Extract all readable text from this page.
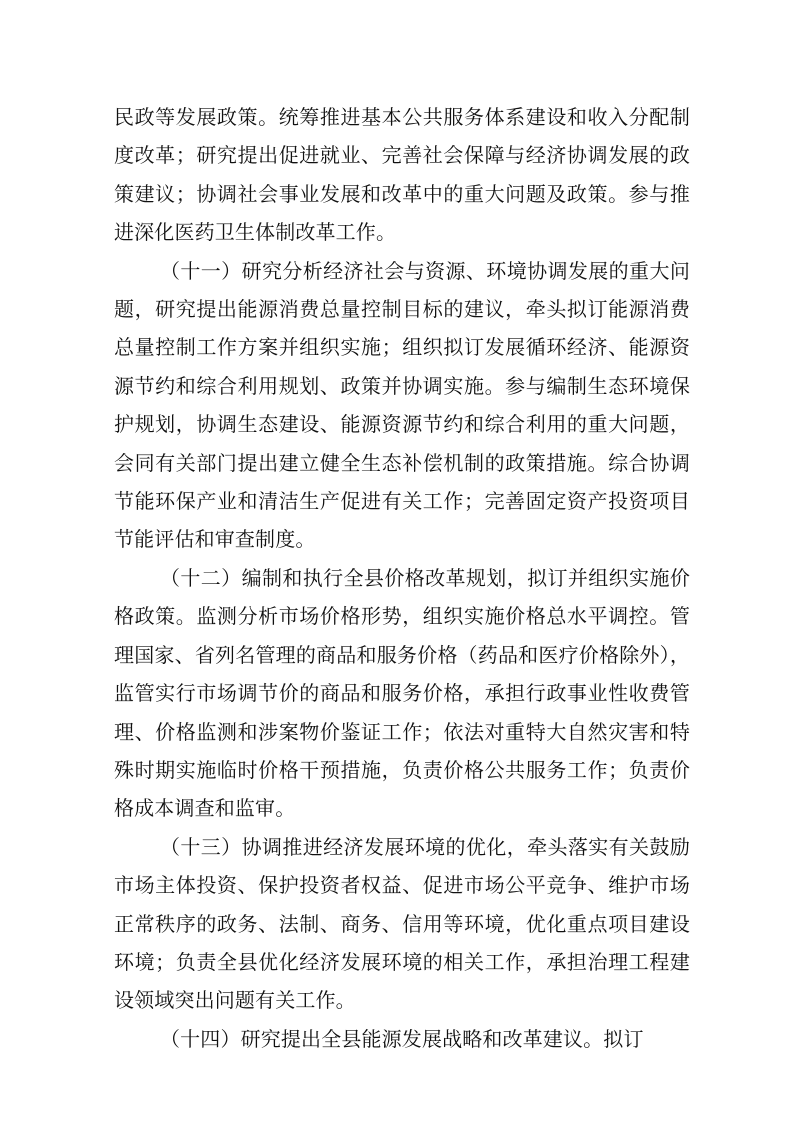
民政等发展政策。统筹推进基本公共服务体系建设和收入分配制度改革；研究提出促进就业、完善社会保障与经济协调发展的政策建议；协调社会事业发展和改革中的重大问题及政策。参与推进深化医药卫生体制改革工作。

（十一）研究分析经济社会与资源、环境协调发展的重大问题，研究提出能源消费总量控制目标的建议，牵头拟订能源消费总量控制工作方案并组织实施；组织拟订发展循环经济、能源资源节约和综合利用规划、政策并协调实施。参与编制生态环境保护规划，协调生态建设、能源资源节约和综合利用的重大问题，会同有关部门提出建立健全生态补偿机制的政策措施。综合协调节能环保产业和清洁生产促进有关工作；完善固定资产投资项目节能评估和审查制度。

（十二）编制和执行全县价格改革规划，拟订并组织实施价格政策。监测分析市场价格形势，组织实施价格总水平调控。管理国家、省列名管理的商品和服务价格（药品和医疗价格除外），监管实行市场调节价的商品和服务价格，承担行政事业性收费管理、价格监测和涉案物价鉴证工作；依法对重特大自然灾害和特殊时期实施临时价格干预措施，负责价格公共服务工作；负责价格成本调查和监审。

（十三）协调推进经济发展环境的优化，牵头落实有关鼓励市场主体投资、保护投资者权益、促进市场公平竞争、维护市场正常秩序的政务、法制、商务、信用等环境，优化重点项目建设环境；负责全县优化经济发展环境的相关工作，承担治理工程建设领域突出问题有关工作。

（十四）研究提出全县能源发展战略和改革建议。拟订
